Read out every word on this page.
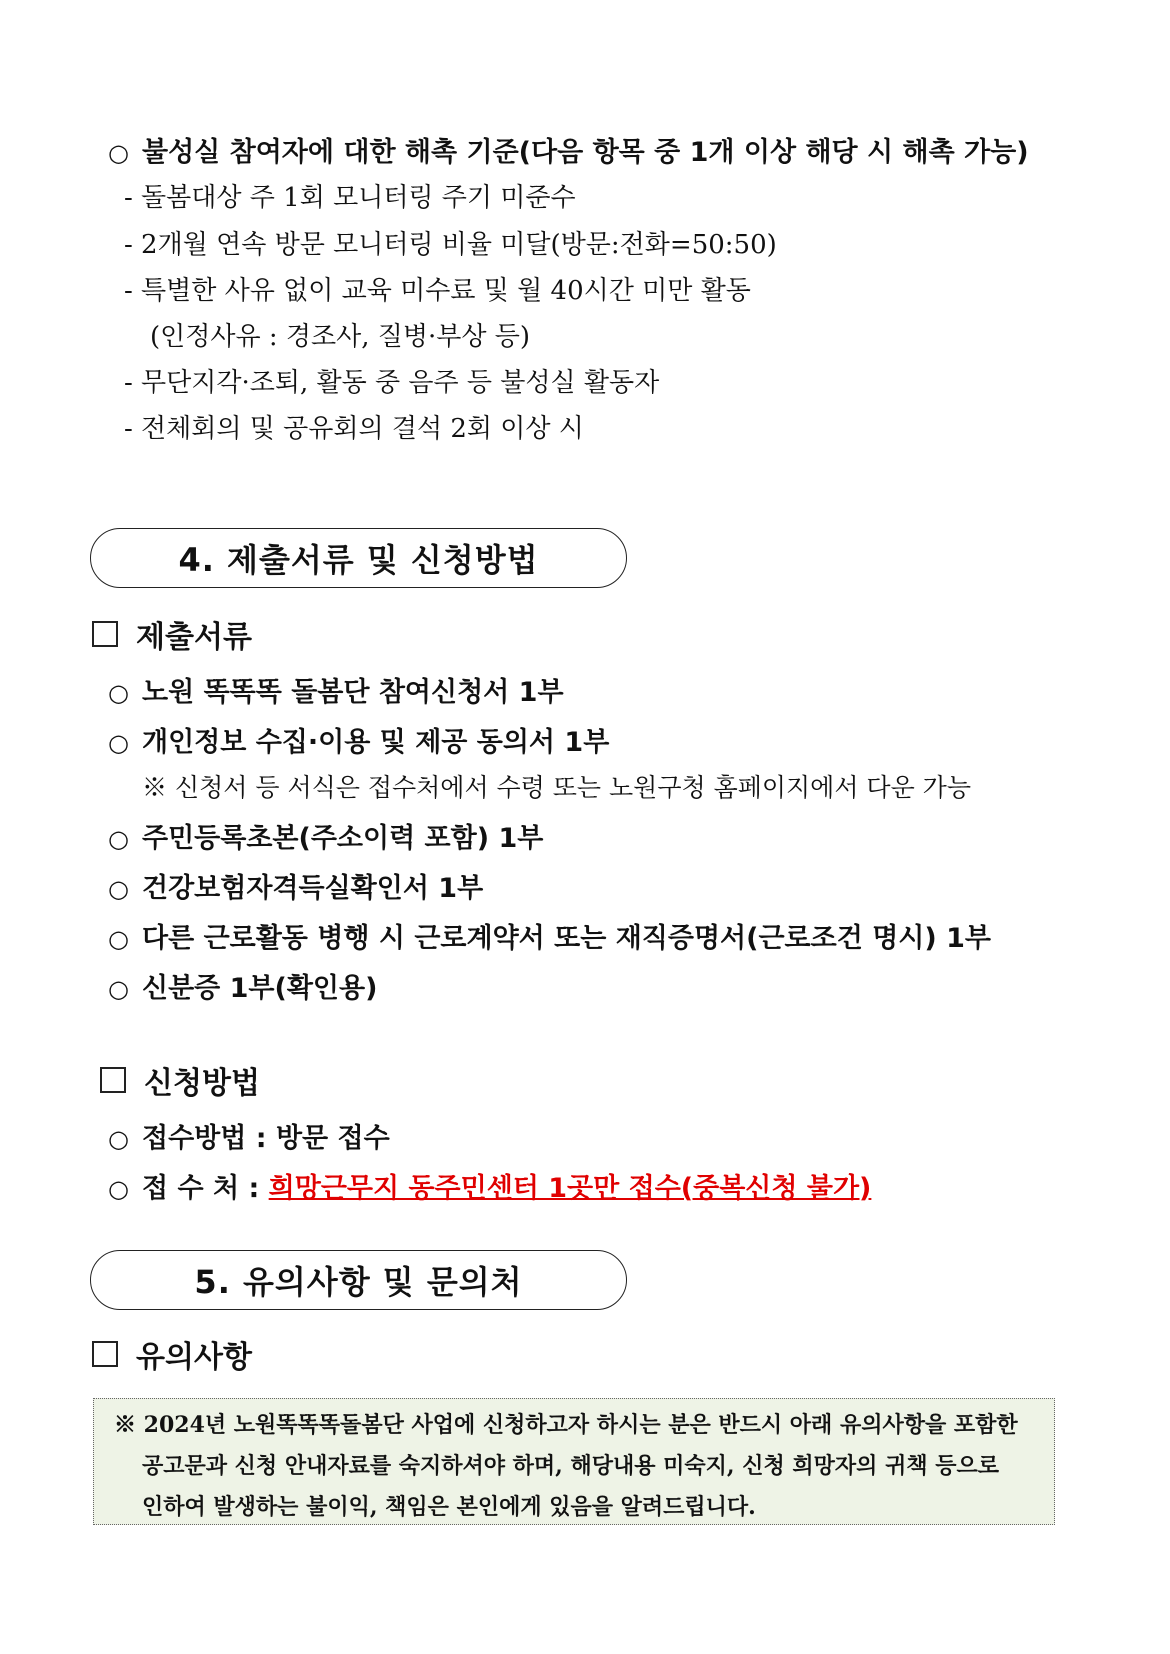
○ 불성실 참여자에 대한 해촉 기준(다음 항목 중 1개 이상 해당 시 해촉 가능)
- 돌봄대상 주 1회 모니터링 주기 미준수
- 2개월 연속 방문 모니터링 비율 미달(방문:전화=50:50)
- 특별한 사유 없이 교육 미수료 및 월 40시간 미만 활동
(인정사유 : 경조사, 질병·부상 등)
- 무단지각·조퇴, 활동 중 음주 등 불성실 활동자
- 전체회의 및 공유회의 결석 2회 이상 시
4. 제출서류 및 신청방법
제출서류
○ 노원 똑똑똑 돌봄단 참여신청서 1부
○ 개인정보 수집·이용 및 제공 동의서 1부
※ 신청서 등 서식은 접수처에서 수령 또는 노원구청 홈페이지에서 다운 가능
○ 주민등록초본(주소이력 포함) 1부
○ 건강보험자격득실확인서 1부
○ 다른 근로활동 병행 시 근로계약서 또는 재직증명서(근로조건 명시) 1부
○ 신분증 1부(확인용)
신청방법
○ 접수방법 : 방문 접수
○ 접 수 처 : 희망근무지 동주민센터 1곳만 접수(중복신청 불가)
5. 유의사항 및 문의처
유의사항
※ 2024년 노원똑똑똑돌봄단 사업에 신청하고자 하시는 분은 반드시 아래 유의사항을 포함한
공고문과 신청 안내자료를 숙지하셔야 하며, 해당내용 미숙지, 신청 희망자의 귀책 등으로
인하여 발생하는 불이익, 책임은 본인에게 있음을 알려드립니다.
